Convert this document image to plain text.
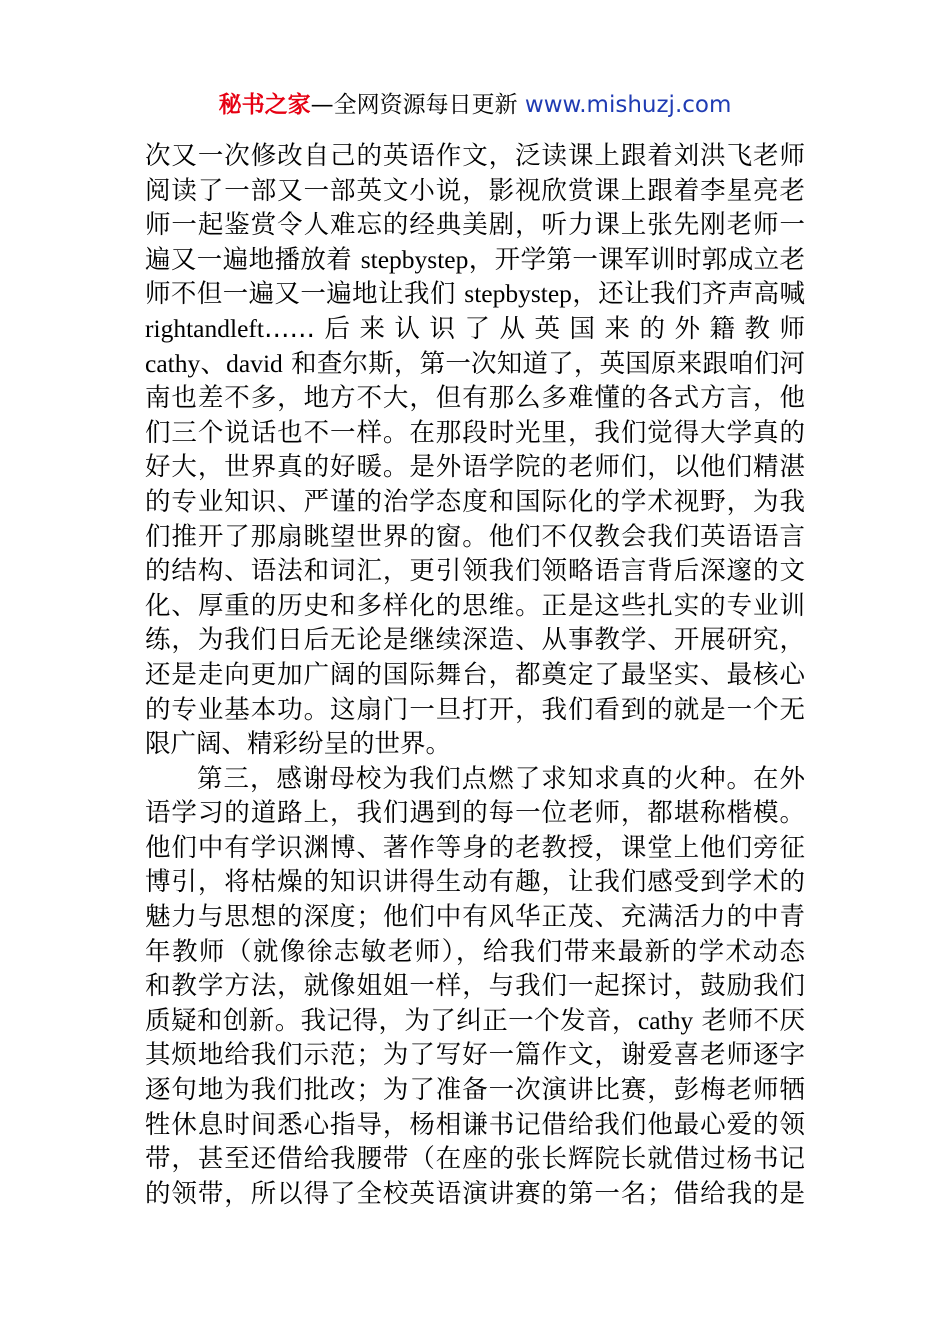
秘书之家—全网资源每日更新 www.mishuzj.com
次又一次修改自己的英语作文，泛读课上跟着刘洪飞老师
阅读了一部又一部英文小说，影视欣赏课上跟着李星亮老
师一起鉴赏令人难忘的经典美剧，听力课上张先刚老师一
遍又一遍地播放着 stepbystep，开学第一课军训时郭成立老
师不但一遍又一遍地让我们 stepbystep，还让我们齐声高喊
rightandleft……后来认识了从英国来的外籍教师
cathy、david 和查尔斯，第一次知道了，英国原来跟咱们河
南也差不多，地方不大，但有那么多难懂的各式方言，他
们三个说话也不一样。在那段时光里，我们觉得大学真的
好大，世界真的好暖。是外语学院的老师们，以他们精湛
的专业知识、严谨的治学态度和国际化的学术视野，为我
们推开了那扇眺望世界的窗。他们不仅教会我们英语语言
的结构、语法和词汇，更引领我们领略语言背后深邃的文
化、厚重的历史和多样化的思维。正是这些扎实的专业训
练，为我们日后无论是继续深造、从事教学、开展研究，
还是走向更加广阔的国际舞台，都奠定了最坚实、最核心
的专业基本功。这扇门一旦打开，我们看到的就是一个无
限广阔、精彩纷呈的世界。
第三，感谢母校为我们点燃了求知求真的火种。在外
语学习的道路上，我们遇到的每一位老师，都堪称楷模。
他们中有学识渊博、著作等身的老教授，课堂上他们旁征
博引，将枯燥的知识讲得生动有趣，让我们感受到学术的
魅力与思想的深度；他们中有风华正茂、充满活力的中青
年教师（就像徐志敏老师），给我们带来最新的学术动态
和教学方法，就像姐姐一样，与我们一起探讨，鼓励我们
质疑和创新。我记得，为了纠正一个发音，cathy 老师不厌
其烦地给我们示范；为了写好一篇作文，谢爱喜老师逐字
逐句地为我们批改；为了准备一次演讲比赛，彭梅老师牺
牲休息时间悉心指导，杨相谦书记借给我们他最心爱的领
带，甚至还借给我腰带（在座的张长辉院长就借过杨书记
的领带，所以得了全校英语演讲赛的第一名；借给我的是
